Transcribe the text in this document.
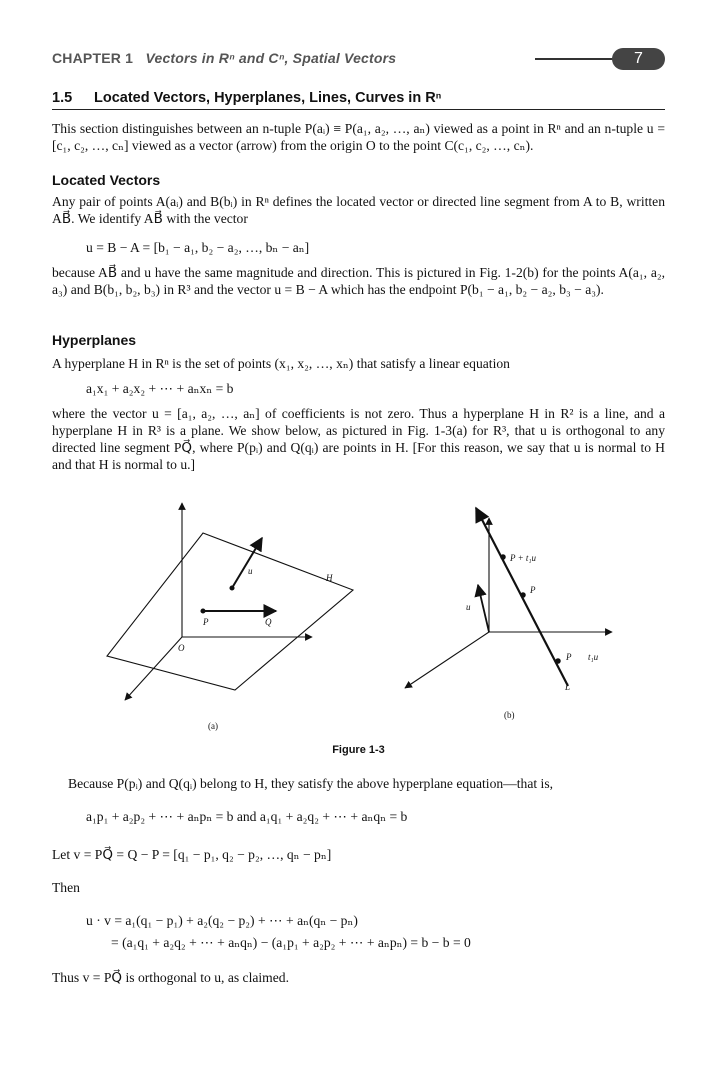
CHAPTER 1 Vectors in Rⁿ and Cⁿ, Spatial Vectors	7
1.5 Located Vectors, Hyperplanes, Lines, Curves in Rⁿ
This section distinguishes between an n-tuple P(aᵢ) ≡ P(a₁, a₂, …, aₙ) viewed as a point in Rⁿ and an n-tuple u = [c₁, c₂, …, cₙ] viewed as a vector (arrow) from the origin O to the point C(c₁, c₂, …, cₙ).
Located Vectors
Any pair of points A(aᵢ) and B(bᵢ) in Rⁿ defines the located vector or directed line segment from A to B, written AB⃗. We identify AB⃗ with the vector
u = B − A = [b₁ − a₁, b₂ − a₂, …, bₙ − aₙ]
because AB⃗ and u have the same magnitude and direction. This is pictured in Fig. 1-2(b) for the points A(a₁, a₂, a₃) and B(b₁, b₂, b₃) in R³ and the vector u = B − A which has the endpoint P(b₁ − a₁, b₂ − a₂, b₃ − a₃).
Hyperplanes
A hyperplane H in Rⁿ is the set of points (x₁, x₂, …, xₙ) that satisfy a linear equation
a₁x₁ + a₂x₂ + ⋯ + aₙxₙ = b
where the vector u = [a₁, a₂, …, aₙ] of coefficients is not zero. Thus a hyperplane H in R² is a line, and a hyperplane H in R³ is a plane. We show below, as pictured in Fig. 1-3(a) for R³, that u is orthogonal to any directed line segment PQ⃗, where P(pᵢ) and Q(qᵢ) are points in H. [For this reason, we say that u is normal to H and that H is normal to u.]
u
H
P	Q
O
(a)
P + t₁u
P
u
P t₁u
L
(b)
Figure 1-3
Because P(pᵢ) and Q(qᵢ) belong to H, they satisfy the above hyperplane equation—that is,
a₁p₁ + a₂p₂ + ⋯ + aₙpₙ = b and a₁q₁ + a₂q₂ + ⋯ + aₙqₙ = b
Let v = PQ⃗ = Q − P = [q₁ − p₁, q₂ − p₂, …, qₙ − pₙ]
Then
u · v = a₁(q₁ − p₁) + a₂(q₂ − p₂) + ⋯ + aₙ(qₙ − pₙ)
= (a₁q₁ + a₂q₂ + ⋯ + aₙqₙ) − (a₁p₁ + a₂p₂ + ⋯ + aₙpₙ) = b − b = 0
Thus v = PQ⃗ is orthogonal to u, as claimed.
